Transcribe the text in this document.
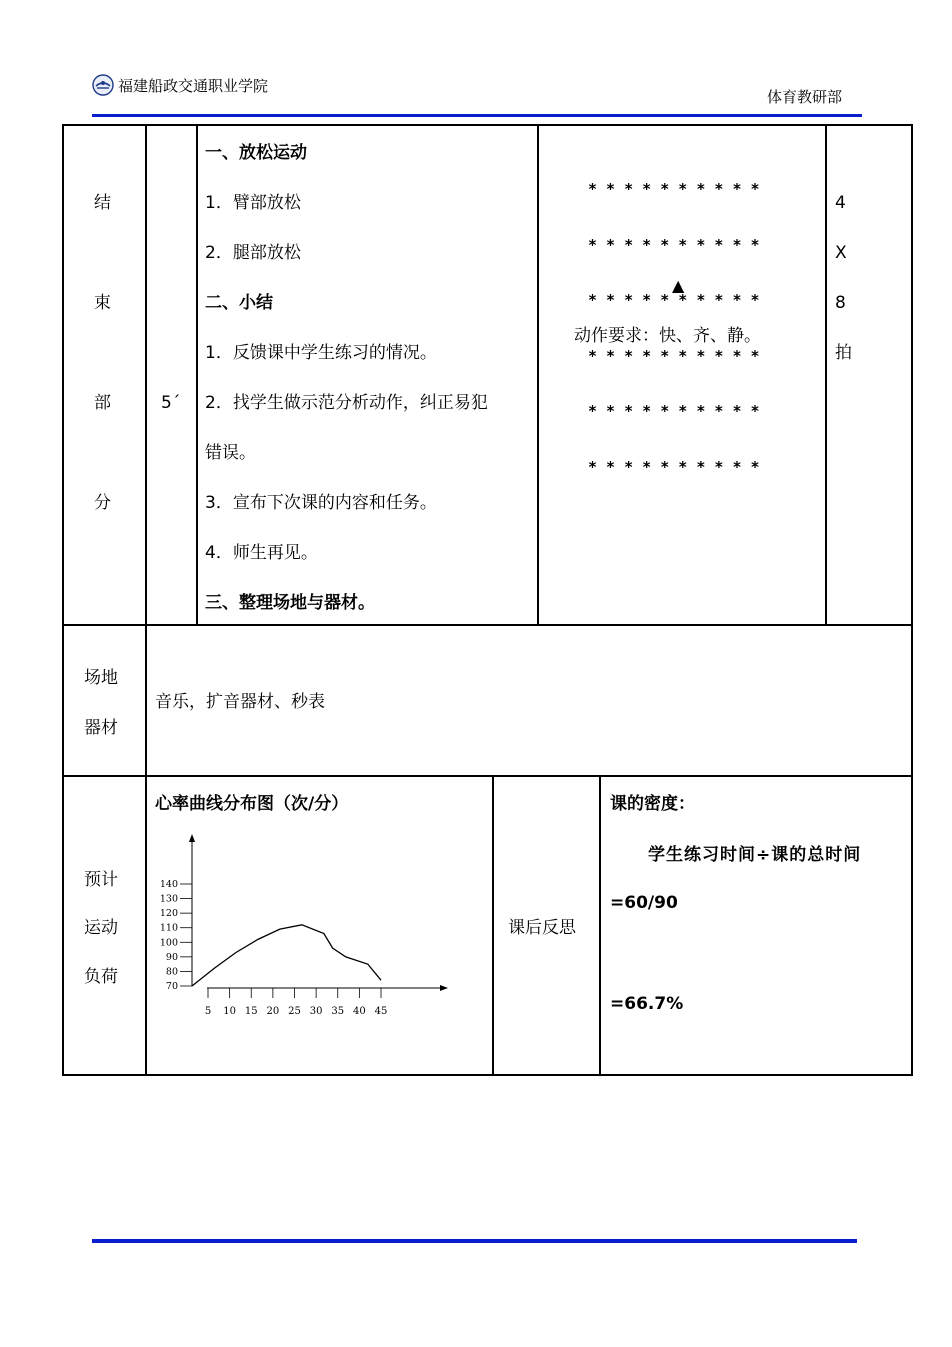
福建船政交通职业学院
体育教研部
结
束
部
分
5´
一、放松运动
1．臂部放松
2．腿部放松
二、小结
1．反馈课中学生练习的情况。
2．找学生做示范分析动作，纠正易犯
错误。
3．宣布下次课的内容和任务。
4．师生再见。
三、整理场地与器材。

* * * * * * * * * *

* * * * * * * * * *

* * * * * * * * * *

* * * * * * * * * *

* * * * * * * * * *

* * * * * * * * * *

▲
动作要求：快、齐、静。
4
X
8
拍
场地
器材
音乐，扩音器材、秒表
预计
运动
负荷
心率曲线分布图（次/分）
70
80
90
100
110
120
130
140
5 10 15 20 25 30 35 40 45
课后反思
课的密度：
学生练习时间÷课的总时间
=60/90
=66.7%
